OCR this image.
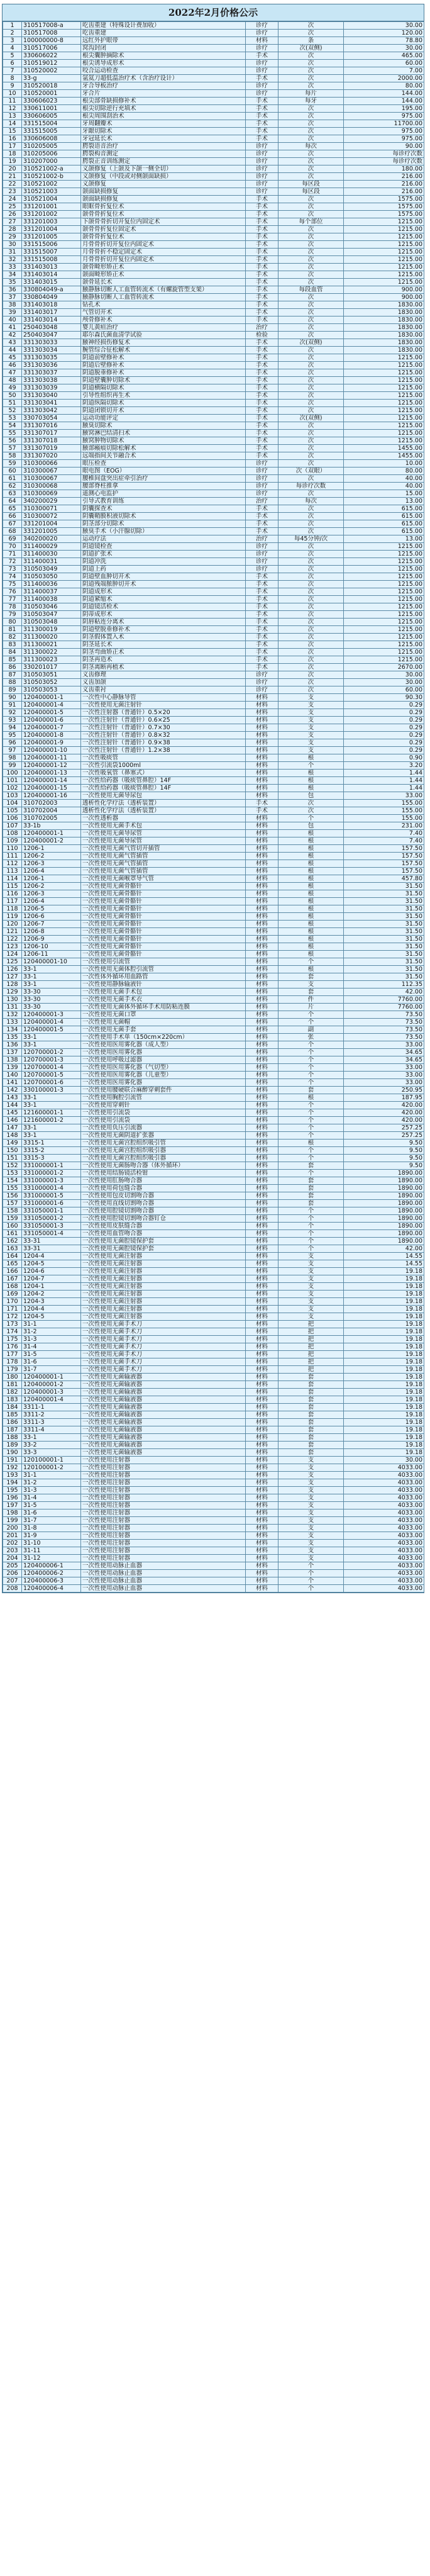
2022年2月价格公示
1	310517008-a	吃齿重建（特殊设计费加收）	诊疗	次	30.00
2	310517008	吃齿重建	诊疗	次	120.00
3	100000000-8	远红外护眼带	材料	条	78.80
4	310517006	窝沟封闭	诊疗	次(双侧)	30.00
5	330606022	根尖囊肿摘除术	手术	次	465.00
6	310519012	根尖诱导成形术	诊疗	次	60.00
7	310520002	咬合运动检查	诊疗	次	7.00
8	33-g	氩氦刀超低温治疗术（含治疗设计）	手术	次	2000.00
9	310520018	牙合导板治疗	诊疗	次	80.00
10	310520001	牙合片	诊疗	每片	144.00
11	330606023	根尖部骨缺损修补术	手术	每牙	144.00
12	330611001	根尖切除逆行充填术	手术	次	195.00
13	330606005	根尖周围刮治术	手术	次	975.00
14	331515004	牙周翻瓣术	手术	次	11700.00
15	331515005	牙龈切除术	手术	次	975.00
16	330606008	牙冠延长术	手术	次	975.00
17	310205005	腭裂语音治疗	诊疗	每次	90.00
18	310205006	腭裂构音测定	诊疗	次	每诊疗次数
19	310207000	腭裂正音训练测定	诊疗	次	每诊疗次数
20	310521002-a	义颌修复（上颌及下颌一侧全切）	诊疗	次	180.00
21	310521002-b	义颌修复（中段或对侧颌面缺损）	诊疗	次	216.00
22	310521002	义颌修复	诊疗	每区段	216.00
23	310521003	颌面缺损修复	诊疗	每区段	216.00
24	310521004	颌面缺损修复	手术	次	1575.00
25	331201001	眼眶骨折复位术	手术	次	1575.00
26	331201002	颌骨骨折复位术	手术	次	1575.00
27	331201003	下颌骨骨折切开复位内固定术	手术	每个部位	1215.00
28	331201004	颌骨骨折复位固定术	手术	次	1215.00
29	331201005	颌骨骨折复位术	手术	次	1215.00
30	331515006	月骨骨折切开复位内固定术	手术	次	1215.00
31	331515007	月骨骨折不稳定固定术	手术	次	1215.00
32	331515008	月骨骨折切开复位内固定术	手术	次	1215.00
33	331403013	颌骨畸形矫正术	手术	次	1215.00
34	331403014	颌面畸形矫正术	手术	次	1215.00
35	331403015	颌骨延长术	手术	次	1215.00
36	330804049-a	腋静脉切断人工血管转流术（有螺旋管型支架）	手术	每段血管	900.00
37	330804049	腋静脉切断人工血管转流术	手术	次	900.00
38	331403018	钻孔术	手术	次	1830.00
39	331403017	气管切开术	手术	次	1830.00
40	331403014	颅骨修补术	手术	次	1830.00
41	250403048	婴儿黄疸治疗	治疗	次	1830.00
42	250403047	耶尔森氏菌血清学试验	检验	次	1830.00
43	331303033	腋神经损伤修复术	手术	次(双侧)	1830.00
44	331303034	腕管综合征松解术	手术	次	1830.00
45	331303035	阴道前壁修补术	手术	次	1215.00
46	331303036	阴道后壁修补术	手术	次	1215.00
47	331303037	阴道脱垂修补术	手术	次	1215.00
48	331303038	阴道壁囊肿切除术	手术	次	1215.00
49	331303039	阴道横隔切除术	手术	次	1215.00
50	331303040	引导性组织再生术	手术	次	1215.00
51	331303041	阴道纵隔切除术	手术	次	1215.00
52	331303042	阴道闭锁切开术	手术	次	1215.00
53	330703054	运动功能评定	手术	次(双侧)	1215.00
54	331307016	腋臭切除术	手术	次	1215.00
55	331307017	腋窝淋巴结清扫术	手术	次	1215.00
56	331307018	腋窝肿物切除术	手术	次	1215.00
57	331307019	腋部瘢痕切除松解术	手术	次	1455.00
58	331307020	远端指间关节融合术	手术	次	1455.00
59	310300066	眼压检查	诊疗	次	10.00
60	310300067	眼电图（EOG）	诊疗	次（双眼）	80.00
61	310300067	腰椎间盘突出症牵引治疗	诊疗	次	40.00
62	310300068	腰部脊柱推拿	诊疗	每诊疗次数	40.00
63	310300069	遥测心电监护	诊疗	次	15.00
64	340200029	引导式教育训练	治疗	每次	13.00
65	310300071	阴囊探查术	手术	次	615.00
66	310300072	阴囊鞘膜积液切除术	手术	次	615.00
67	331201004	阴茎部分切除术	手术	次	615.00
68	331201005	腋臭手术（小汗腺切除）	手术	次	615.00
69	340200020	运动疗法	治疗	每45分钟/次	13.00
70	311400029	阴道镜检查	诊疗	次	1215.00
71	311400030	阴道扩张术	诊疗	次	1215.00
72	311400031	阴道冲洗	诊疗	次	1215.00
73	310503049	阴道上药	诊疗	次	1215.00
74	310503050	阴道壁血肿切开术	手术	次	1215.00
75	311400036	阴道残端脓肿切开术	手术	次	1215.00
76	311400037	阴道成形术	手术	次	1215.00
77	311400038	阴道紧缩术	手术	次	1215.00
78	310503046	阴道镜活检术	手术	次	1215.00
79	310503047	阴蒂成形术	手术	次	1215.00
80	310503048	阴唇粘连分离术	手术	次	1215.00
81	311300019	阴道壁脱垂修补术	手术	次	1215.00
82	311300020	阴茎假体置入术	手术	次	1215.00
83	311300021	阴茎延长术	手术	次	1215.00
84	311300022	阴茎弯曲矫正术	手术	次	1215.00
85	311300023	阴茎再造术	手术	次	1215.00
86	330201017	阴茎离断再植术	手术	次	2670.00
87	310503051	义齿修理	诊疗	次	30.00
88	310503052	义齿加颌	诊疗	次	30.00
89	310503053	义齿重衬	诊疗	次	60.00
90	120400001-1	一次性中心静脉导管	材料	支	90.30
91	120400001-4	一次性使用无菌注射针	材料	支	0.29
92	120400001-5	一次性注射器（普通针）0.5×20	材料	支	0.29
93	120400001-6	一次性注射针（普通针）0.6×25	材料	支	0.29
94	120400001-7	一次性注射针（普通针）0.7×30	材料	支	0.29
95	120400001-8	一次性注射针（普通针）0.8×32	材料	支	0.29
96	120400001-9	一次性注射针（普通针）0.9×38	材料	支	0.29
97	120400001-10	一次性注射针（普通针）1.2×38	材料	支	0.29
98	120400001-11	一次性吸痰管	材料	根	0.90
99	120400001-12	一次性引流袋1000ml	材料	个	3.20
100	120400001-13	一次性吸氧管（鼻塞式）	材料	根	1.44
101	120400001-14	一次性给药器（吸痰管鼻腔）14F	材料	根	1.44
102	120400001-15	一次性给药器（吸痰管鼻腔）14F	材料	根	1.44
103	120400001-16	一次性使用无菌导尿包	材料	包	33.00
104	310702003	透析性化学疗法（透析装置）	手术	次	155.00
105	310702004	透析性化学疗法（透析装置）	手术	次	155.00
106	310702005	一次性透析器	材料	个	155.00
107	33-1b	一次性使用无菌手术包	材料	包	231.00
108	120400001-1	一次性使用无菌导尿管	材料	根	7.40
109	120400001-2	一次性使用无菌导尿管	材料	根	7.40
110	1206-1	一次性使用无菌气管切开插管	材料	根	157.50
111	1206-2	一次性使用无菌气管插管	材料	根	157.50
112	1206-3	一次性使用无菌气管插管	材料	根	157.50
113	1206-4	一次性使用无菌气管插管	材料	根	157.50
114	1206-1	一次性使用无菌喉罩导气管	材料	根	457.80
115	1206-2	一次性使用无菌骨骼针	材料	根	31.50
116	1206-3	一次性使用无菌骨骼针	材料	根	31.50
117	1206-4	一次性使用无菌骨骼针	材料	根	31.50
118	1206-5	一次性使用无菌骨骼针	材料	根	31.50
119	1206-6	一次性使用无菌骨骼针	材料	根	31.50
120	1206-7	一次性使用无菌骨骼针	材料	根	31.50
121	1206-8	一次性使用无菌骨骼针	材料	根	31.50
122	1206-9	一次性使用无菌骨骼针	材料	根	31.50
123	1206-10	一次性使用无菌骨骼针	材料	根	31.50
124	1206-11	一次性使用无菌骨骼针	材料	根	31.50
125	120400001-10	一次性使用引流管	材料	个	31.50
126	33-1	一次性使用无菌体腔引流管	材料	根	31.50
127	33-1	一次性体外循环用血路管	材料	套	31.50
128	33-1	一次性使用静脉输液针	材料	支	112.35
129	33-30	一次性使用无菌手术包	材料	套	42.00
130	33-30	一次性使用无菌手术衣	材料	件	7760.00
131	33-30	一次性使用无菌体外循环手术用防粘连膜	材料	片	7760.00
132	120400001-3	一次性使用无菌口罩	材料	个	73.50
133	120400001-4	一次性使用无菌帽	材料	个	73.50
134	120400001-5	一次性使用无菌手套	材料	副	73.50
135	33-1	一次性使用手术单（150cm×220cm）	材料	张	73.50
136	33-1	一次性使用医用雾化器（成人型）	材料	个	33.00
137	120700001-2	一次性使用医用雾化器	材料	个	34.65
138	120700001-3	一次性使用呼吸过滤器	材料	个	34.65
139	120700001-4	一次性使用医用雾化器（气切型）	材料	个	33.00
140	120700001-5	一次性使用医用雾化器（儿童型）	材料	个	33.00
141	120700001-6	一次性使用医用雾化器	材料	个	33.00
142	330100001-3	一次性使用腰硬联合麻醉穿刺套件	材料	套	250.95
143	33-1	一次性使用胸腔引流管	材料	根	187.95
144	33-1	一次性使用穿刺针	材料	个	420.00
145	121600001-1	一次性使用引流袋	材料	个	420.00
146	121600001-2	一次性使用引流袋	材料	个	420.00
147	33-1	一次性使用负压引流器	材料	个	257.25
148	33-1	一次性使用无菌阴道扩张器	材料	个	257.25
149	3315-1	一次性使用无菌宫腔组织吸引管	材料	根	9.50
150	3315-2	一次性使用无菌宫腔组织吸引器	材料	个	9.50
151	3315-3	一次性使用无菌宫腔组织吸引器	材料	个	9.50
152	331000001-1	一次性使用无菌肠吻合器（体外循环）	材料	套	9.50
153	331000001-2	一次性使用结肠镜活检钳	材料	个	1890.00
154	331000001-3	一次性使用肛肠吻合器	材料	套	1890.00
155	331000001-4	一次性使用荷包缝合器	材料	套	1890.00
156	331000001-5	一次性使用包皮切割吻合器	材料	套	1890.00
157	331000001-6	一次性使用直线切割吻合器	材料	套	1890.00
158	331050001-1	一次性使用腔镜切割吻合器	材料	个	1890.00
159	331050001-2	一次性使用腔镜切割吻合器钉仓	材料	个	1890.00
160	331050001-3	一次性使用皮肤缝合器	材料	个	1890.00
161	331050001-4	一次性使用血管吻合器	材料	个	1890.00
162	33-31	一次性使用无菌腔镜保护套	材料	个	1890.00
163	33-31	一次性使用无菌腔镜保护套	材料	个	42.00
164	1204-4	一次性使用无菌注射器	材料	支	14.55
165	1204-5	一次性使用无菌注射器	材料	支	14.55
166	1204-6	一次性使用无菌注射器	材料	支	19.18
167	1204-7	一次性使用无菌注射器	材料	支	19.18
168	1204-1	一次性使用无菌注射器	材料	支	19.18
169	1204-2	一次性使用无菌注射器	材料	支	19.18
170	1204-3	一次性使用无菌注射器	材料	支	19.18
171	1204-4	一次性使用无菌注射器	材料	支	19.18
172	1204-5	一次性使用无菌注射器	材料	支	19.18
173	31-1	一次性使用无菌手术刀	材料	把	19.18
174	31-2	一次性使用无菌手术刀	材料	把	19.18
175	31-3	一次性使用无菌手术刀	材料	把	19.18
176	31-4	一次性使用无菌手术刀	材料	把	19.18
177	31-5	一次性使用无菌手术刀	材料	把	19.18
178	31-6	一次性使用无菌手术刀	材料	把	19.18
179	31-7	一次性使用无菌手术刀	材料	把	19.18
180	120400001-1	一次性使用无菌输液器	材料	套	19.18
181	120400001-2	一次性使用无菌输液器	材料	套	19.18
182	120400001-3	一次性使用无菌输液器	材料	套	19.18
183	120400001-4	一次性使用无菌输液器	材料	套	19.18
184	3311-1	一次性使用无菌输液器	材料	套	19.18
185	3311-2	一次性使用无菌输液器	材料	套	19.18
186	3311-3	一次性使用无菌输液器	材料	套	19.18
187	3311-4	一次性使用无菌输液器	材料	套	19.18
188	33-1	一次性使用无菌输液器	材料	套	19.18
189	33-2	一次性使用无菌输液器	材料	套	19.18
190	33-3	一次性使用无菌输液器	材料	套	19.18
191	120100001-1	一次性使用注射器	材料	支	30.00
192	120100001-2	一次性使用注射器	材料	支	4033.00
193	31-1	一次性使用注射器	材料	支	4033.00
194	31-2	一次性使用注射器	材料	支	4033.00
195	31-3	一次性使用注射器	材料	支	4033.00
196	31-4	一次性使用注射器	材料	支	4033.00
197	31-5	一次性使用注射器	材料	支	4033.00
198	31-6	一次性使用注射器	材料	支	4033.00
199	31-7	一次性使用注射器	材料	支	4033.00
200	31-8	一次性使用注射器	材料	支	4033.00
201	31-9	一次性使用注射器	材料	支	4033.00
202	31-10	一次性使用注射器	材料	支	4033.00
203	31-11	一次性使用注射器	材料	支	4033.00
204	31-12	一次性使用注射器	材料	支	4033.00
205	120400006-1	一次性使用动脉止血器	材料	个	4033.00
206	120400006-2	一次性使用动脉止血器	材料	个	4033.00
207	120400006-3	一次性使用动脉止血器	材料	个	4033.00
208	120400006-4	一次性使用动脉止血器	材料	个	4033.00
